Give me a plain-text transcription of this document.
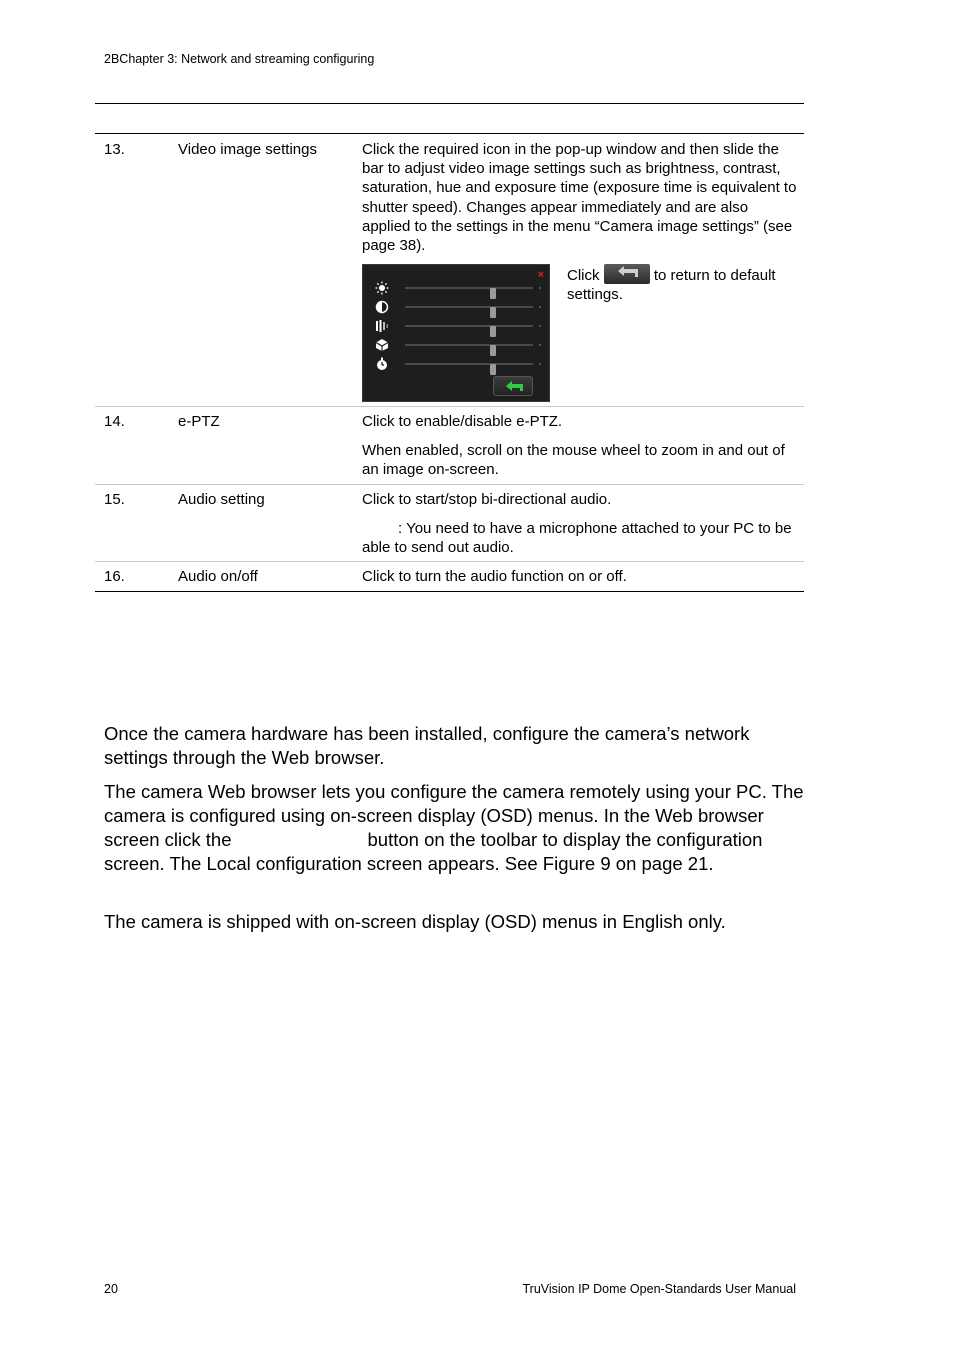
2BChapter 3: Network and streaming configuring
13.	Video image settings	Click the required icon in the pop-up window and then slide the bar to adjust video image settings such as brightness, contrast, saturation, hue and exposure time (exposure time is equivalent to shutter speed). Changes appear immediately and are also applied to the settings in the menu “Camera image settings” (see page 38).

× Click	to return to default settings.
14.	e-PTZ	Click to enable/disable e-PTZ.

When enabled, scroll on the mouse wheel to zoom in and out of an image on-screen.

15.	Audio setting	Click to start/stop bi-directional audio.

: You need to have a microphone attached to your PC to be able to send out audio.

16.	Audio on/off	Click to turn the audio function on or off.

Once the camera hardware has been installed, configure the camera’s network settings through the Web browser.

The camera Web browser lets you configure the camera remotely using your PC. The camera is configured using on-screen display (OSD) menus. In the Web browser screen click the	button on the toolbar to display the configuration screen. The Local configuration screen appears. See Figure 9 on page 21.

The camera is shipped with on-screen display (OSD) menus in English only.

20	TruVision IP Dome Open-Standards User Manual
